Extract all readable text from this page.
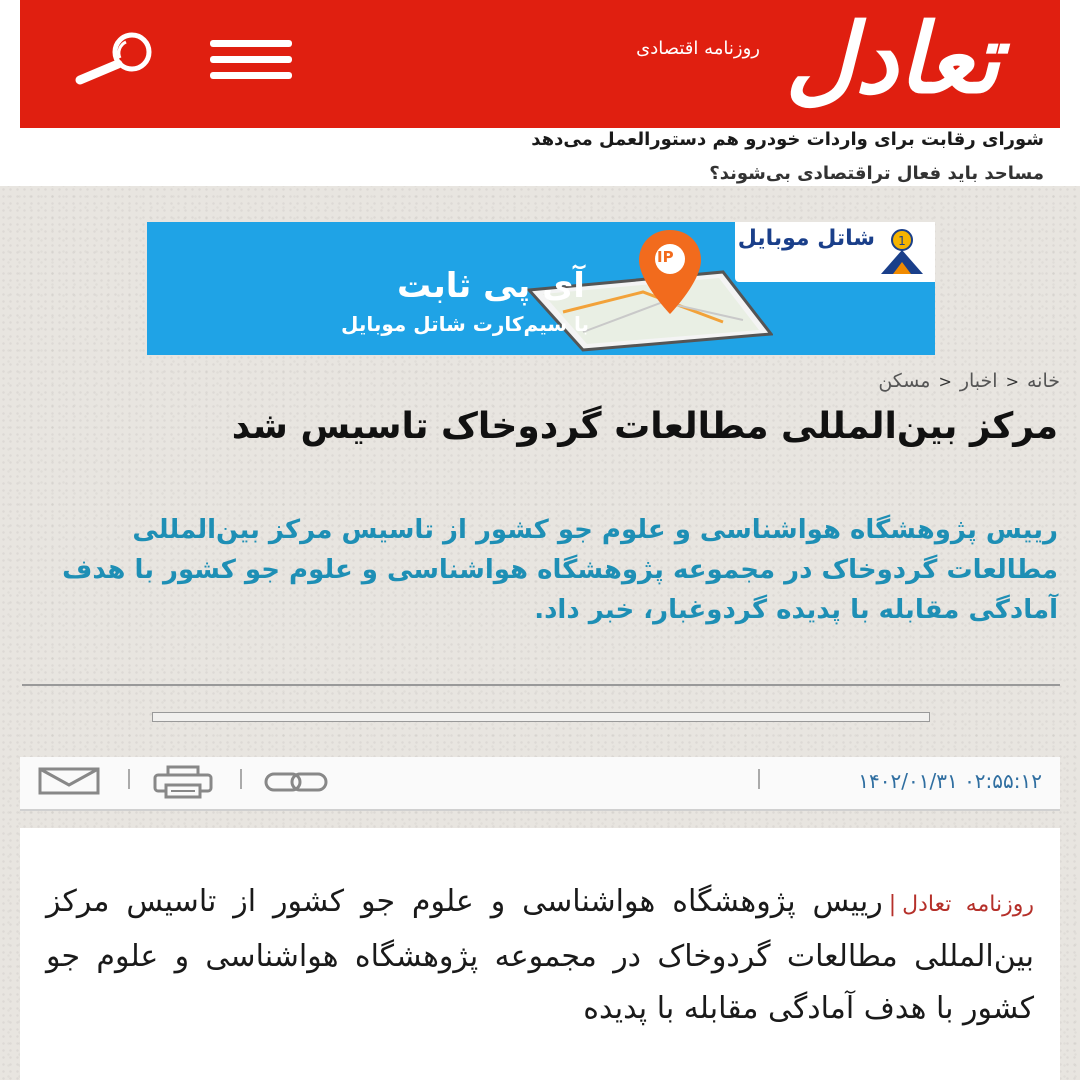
روزنامه اقتصادی تعادل
شورای رقابت برای واردات خودرو هم دستورالعمل می‌دهد
مساحد باید فعال تراقتصادی بی‌شوند؟
1
شاتل موبایل
IP
آی پی ثابت
با سیم‌کارت شاتل موبایل
خانه<اخبار<مسکن
مرکز بین‌المللی مطالعات گردوخاک تاسیس شد

رییس پژوهشگاه هواشناسی و علوم جو کشور از تاسیس مرکز بین‌المللی مطالعات گردوخاک در مجموعه پژوهشگاه هواشناسی و علوم جو کشور با هدف آمادگی مقابله با پدیده گردوغبار، خبر داد.

۱۴۰۲/۰۱/۳۱ ۰۲:۵۵:۱۲

روزنامه تعادل|رییس پژوهشگاه هواشناسی و علوم جو کشور از تاسیس مرکز بین‌المللی مطالعات گردوخاک در مجموعه پژوهشگاه هواشناسی و علوم جو کشور با هدف آمادگی مقابله با پدیده
